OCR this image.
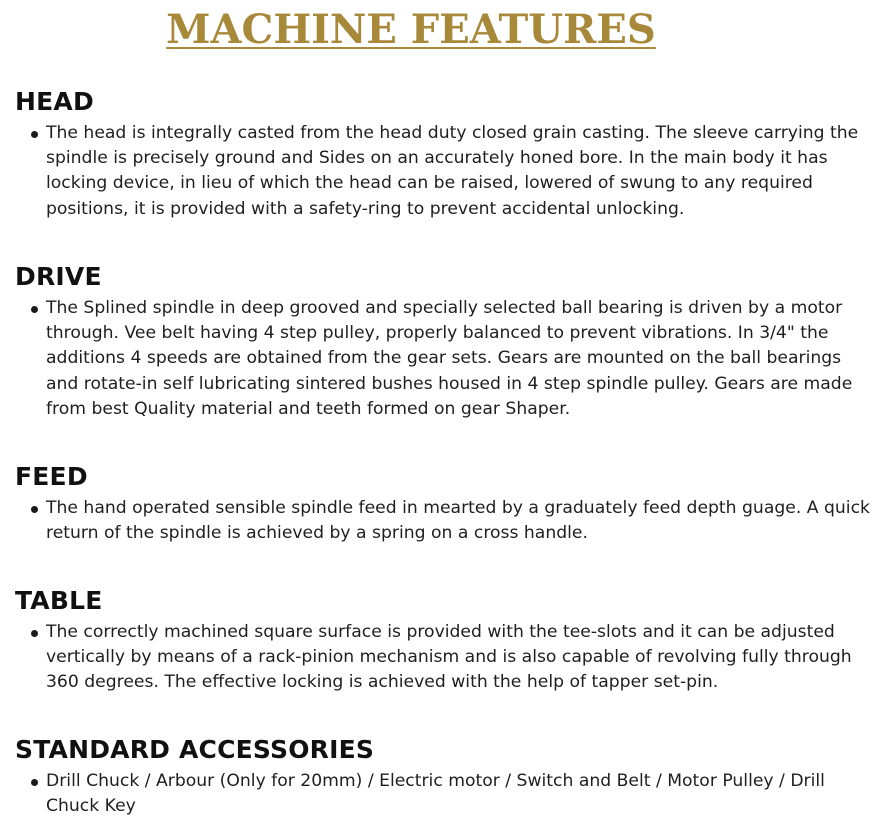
MACHINE FEATURES
HEAD
The head is integrally casted from the head duty closed grain casting. The sleeve carrying the spindle is precisely ground and Sides on an accurately honed bore. In the main body it has locking device, in lieu of which the head can be raised, lowered of swung to any required positions, it is provided with a safety-ring to prevent accidental unlocking.
DRIVE
The Splined spindle in deep grooved and specially selected ball bearing is driven by a motor through. Vee belt having 4 step pulley, properly balanced to prevent vibrations. In 3/4" the additions 4 speeds are obtained from the gear sets. Gears are mounted on the ball bearings and rotate-in self lubricating sintered bushes housed in 4 step spindle pulley. Gears are made from best Quality material and teeth formed on gear Shaper.
FEED
The hand operated sensible spindle feed in mearted by a graduately feed depth guage. A quick return of the spindle is achieved by a spring on a cross handle.
TABLE
The correctly machined square surface is provided with the tee-slots and it can be adjusted vertically by means of a rack-pinion mechanism and is also capable of revolving fully through 360 degrees. The effective locking is achieved with the help of tapper set-pin.
STANDARD ACCESSORIES
Drill Chuck / Arbour (Only for 20mm) / Electric motor / Switch and Belt / Motor Pulley / Drill Chuck Key
